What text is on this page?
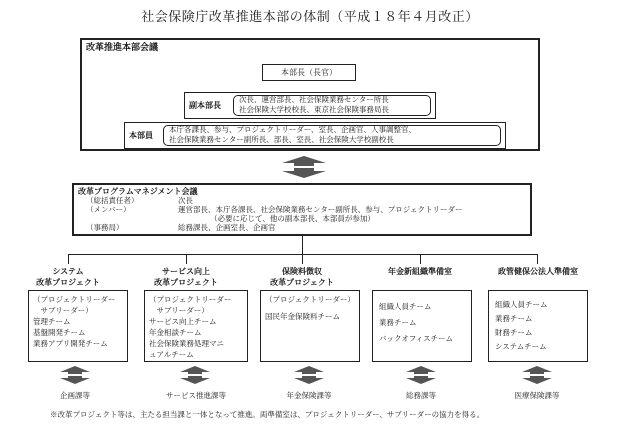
社会保険庁改革推進本部の体制（平成１８年４月改正）
改革推進本部会議
本部長（長官）
副本部長
次長、運営部長、社会保険業務センター所長
社会保険大学校校長、東京社会保険事務局長
本部員
本庁各課長、参与、プロジェクトリーダー、室長、企画官、人事調整官、
社会保険業務センター副所長、部長、室長、社会保険大学校副校長
改革プログラムマネジメント会議
（総括責任者）	次長
（メンバー）	運営部長、本庁各課長、社会保険業務センター副所長、参与、プロジェクトリーダー
（必要に応じて、他の副本部長、本部員が参加）
（事務局）	総務課長、企画室長、企画官
システム
改革プロジェクト
サービス向上
改革プロジェクト
保険料徴収
改革プロジェクト
年金新組織準備室	政管健保公法人準備室
（プロジェクトリーダー
　サブリーダー）
管理チーム
基盤開発チーム
業務アプリ開発チーム
（プロジェクトリーダー
　サブリーダー）
サービス向上チーム
年金相談チーム
社会保険業務処理マニ
ュアルチーム
（プロジェクトリーダー）
国民年金保険料チーム
組織人員チーム
業務チーム
バックオフィスチーム
組織人員チーム
業務チーム
財務チーム
システムチーム
企画課等	サービス推進課等	年金保険課等	総務課等	医療保険課等
※改革プロジェクト等は、主たる担当課と一体となって推進。両準備室は、プロジェクトリーダー、サブリーダーの協力を得る。
